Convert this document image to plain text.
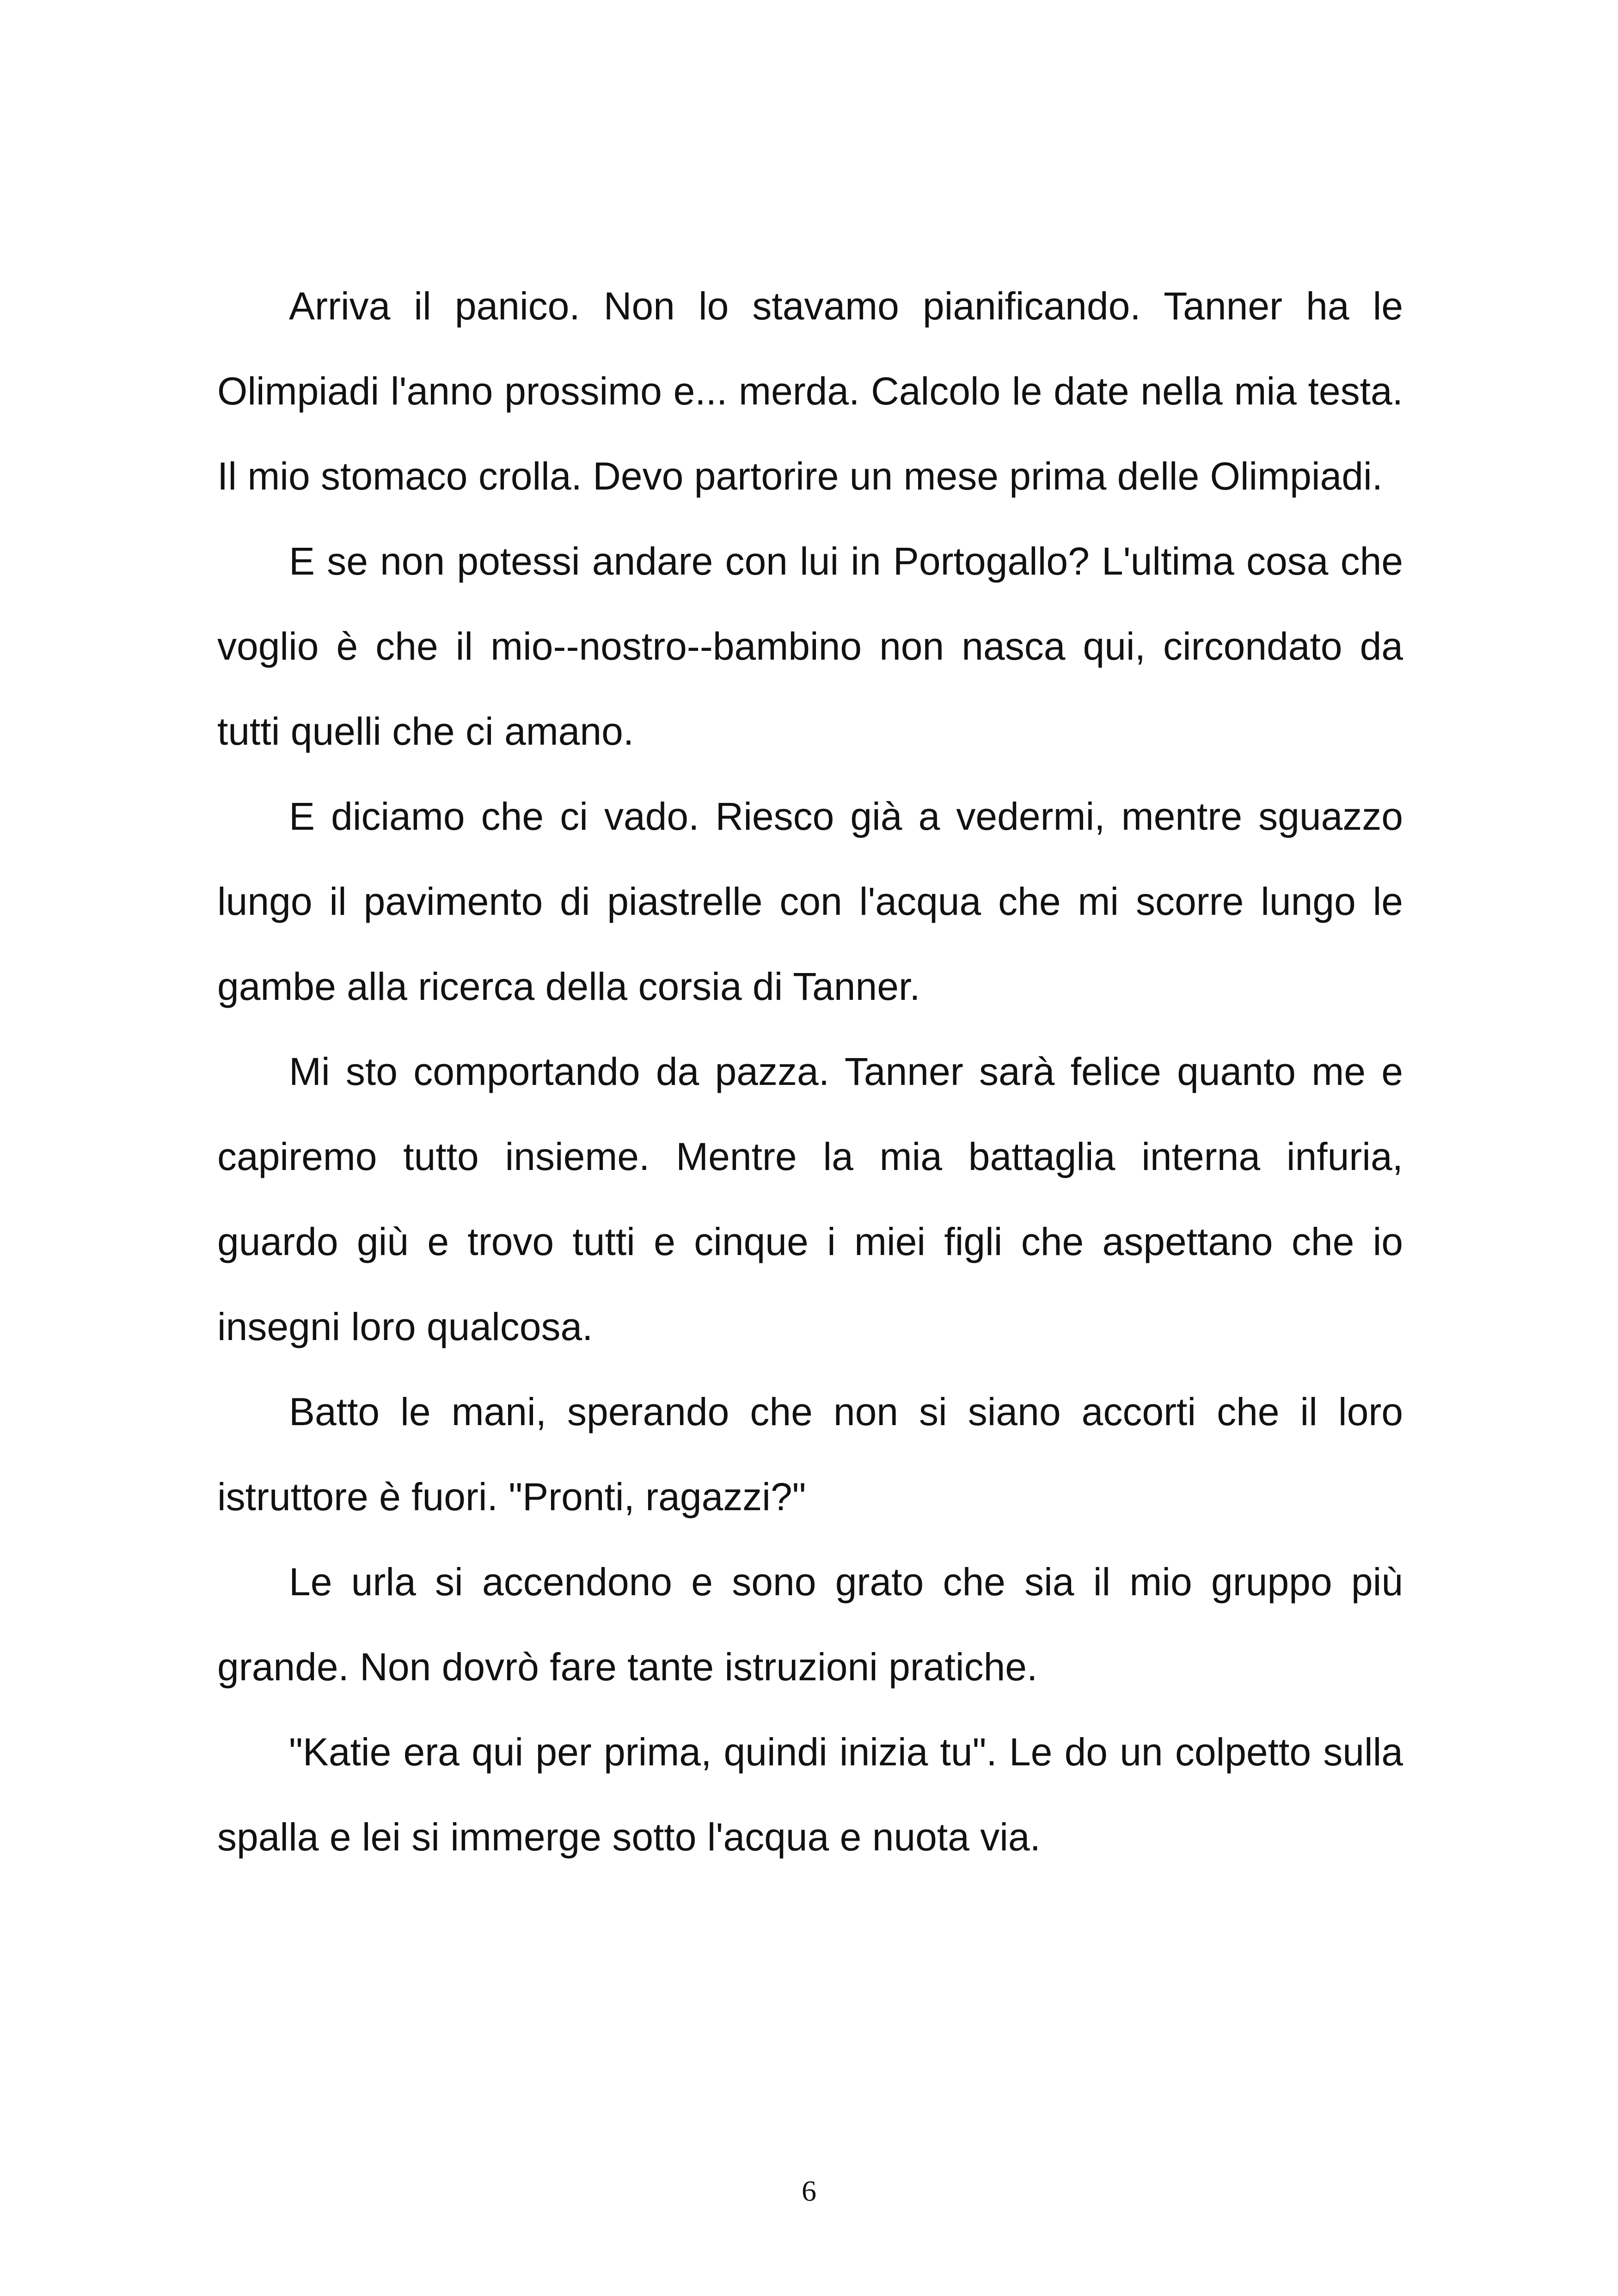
Arriva il panico. Non lo stavamo pianificando. Tanner ha le Olimpiadi l'anno prossimo e... merda. Calcolo le date nella mia testa. Il mio stomaco crolla. Devo partorire un mese prima delle Olimpiadi.

E se non potessi andare con lui in Portogallo? L'ultima cosa che voglio è che il mio--nostro--bambino non nasca qui, circondato da tutti quelli che ci amano.

E diciamo che ci vado. Riesco già a vedermi, mentre sguazzo lungo il pavimento di piastrelle con l'acqua che mi scorre lungo le gambe alla ricerca della corsia di Tanner.

Mi sto comportando da pazza. Tanner sarà felice quanto me e capiremo tutto insieme. Mentre la mia battaglia interna infuria, guardo giù e trovo tutti e cinque i miei figli che aspettano che io insegni loro qualcosa.

Batto le mani, sperando che non si siano accorti che il loro istruttore è fuori. "Pronti, ragazzi?"

Le urla si accendono e sono grato che sia il mio gruppo più grande. Non dovrò fare tante istruzioni pratiche.

"Katie era qui per prima, quindi inizia tu". Le do un colpetto sulla spalla e lei si immerge sotto l'acqua e nuota via.

6
